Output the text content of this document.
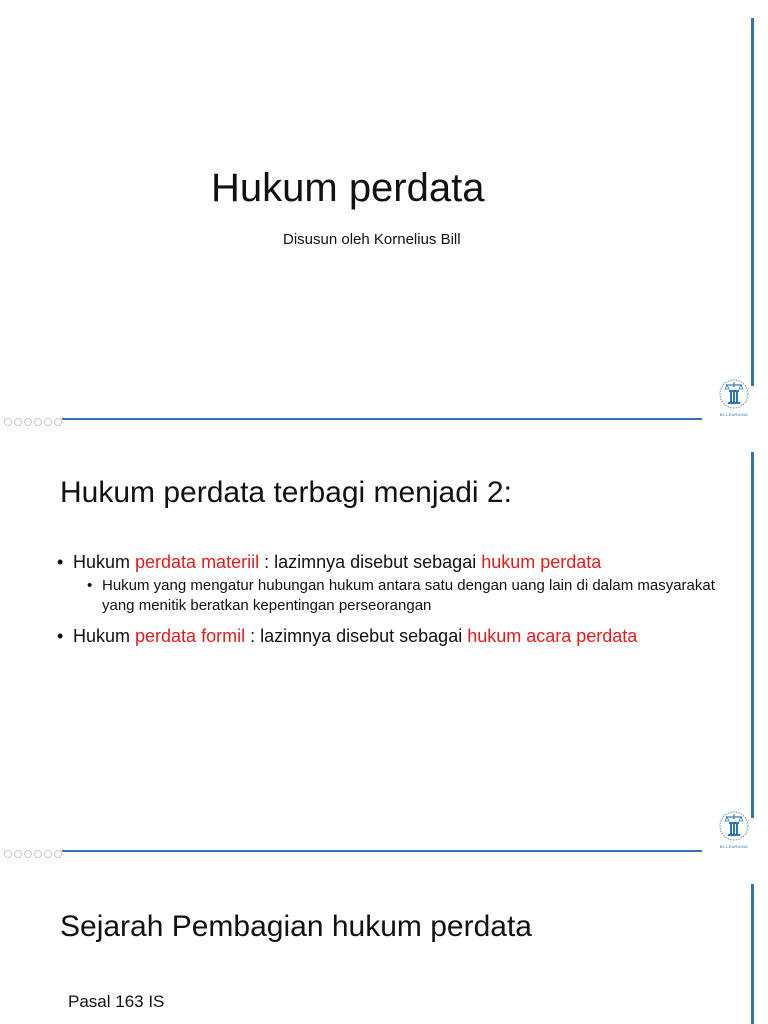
Hukum perdata
Disusun oleh Kornelius Bill
BL LEARNING
Hukum perdata terbagi menjadi 2:
• Hukum perdata materiil : lazimnya disebut sebagai hukum perdata
• Hukum yang mengatur hubungan hukum antara satu dengan uang lain di dalam masyarakat yang menitik beratkan kepentingan perseorangan
• Hukum perdata formil : lazimnya disebut sebagai hukum acara perdata
BL LEARNING
Sejarah Pembagian hukum perdata
Pasal 163 IS
